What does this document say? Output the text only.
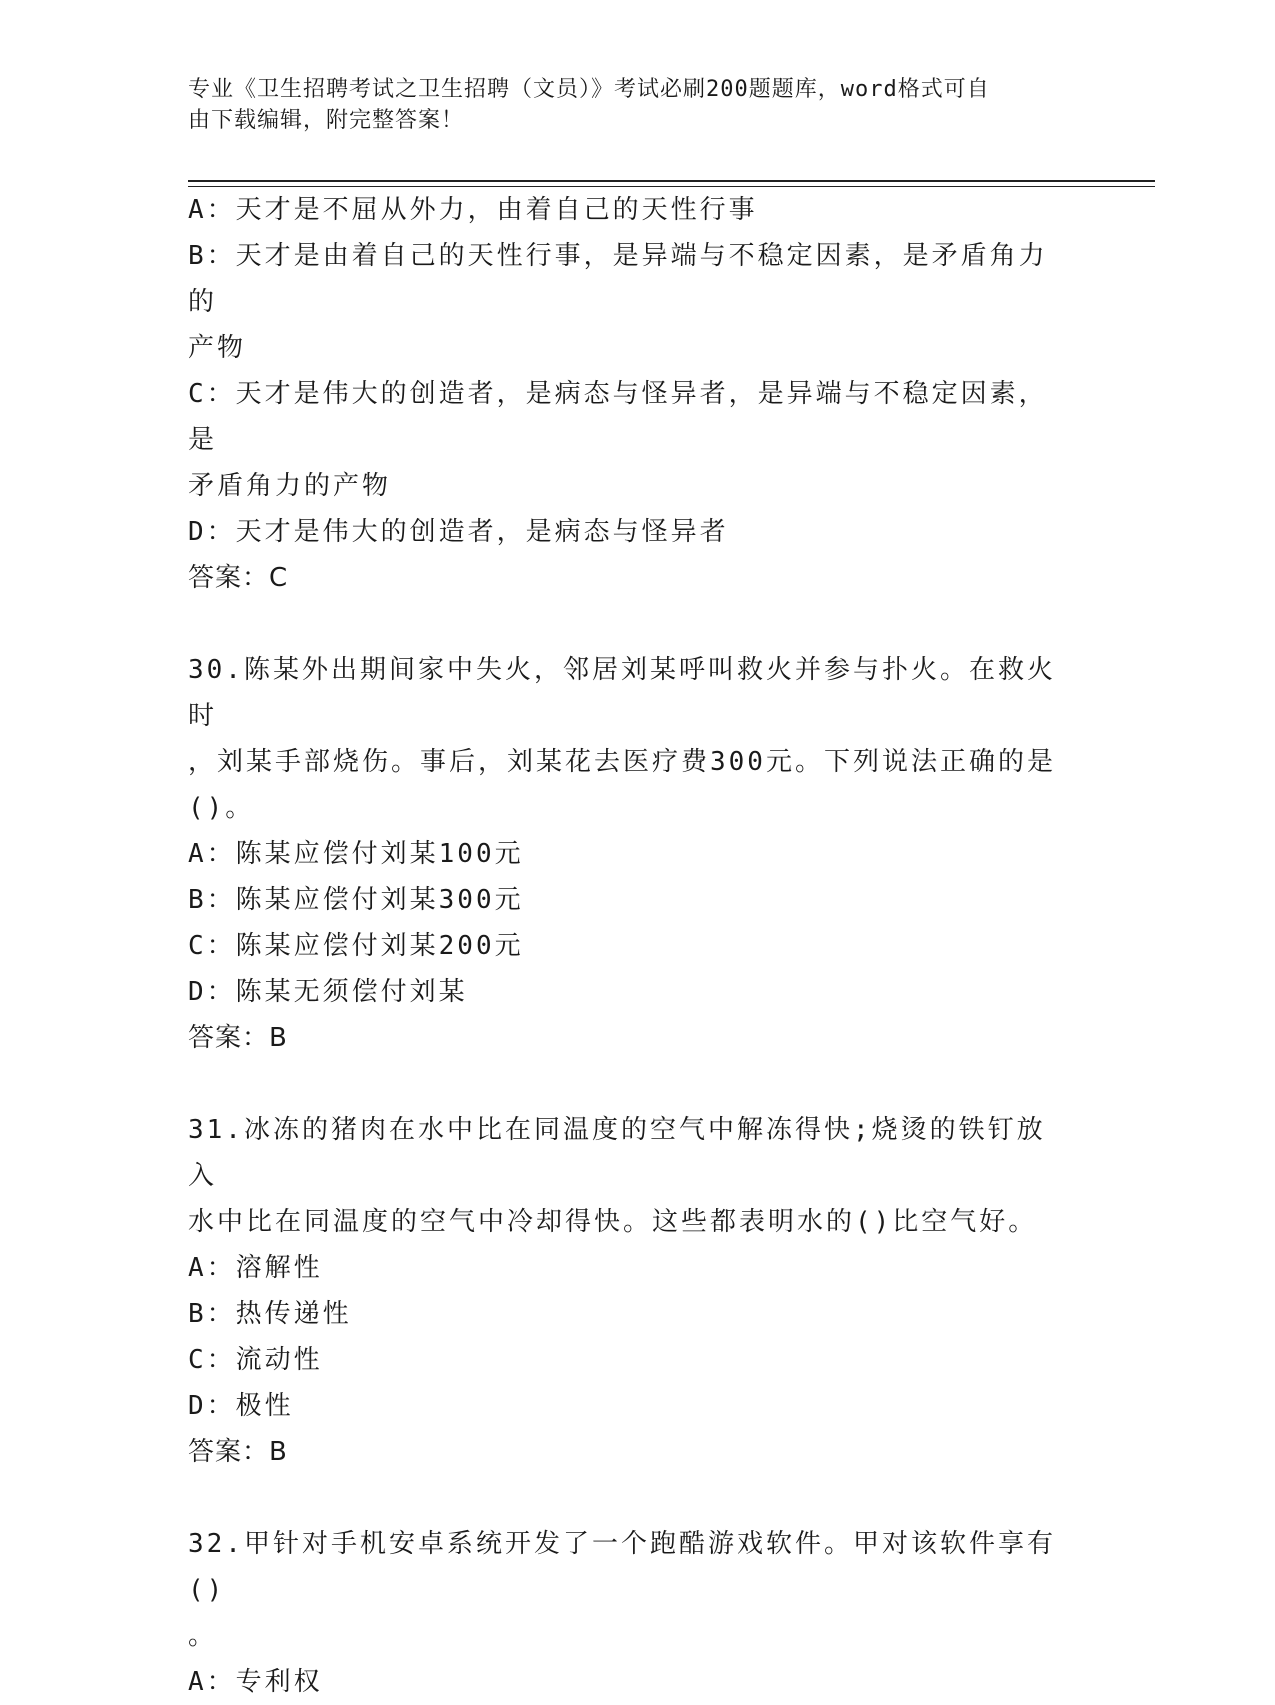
专业《卫生招聘考试之卫生招聘（文员）》考试必刷200题题库，word格式可自
由下载编辑，附完整答案！
A：天才是不屈从外力，由着自己的天性行事
B：天才是由着自己的天性行事，是异端与不稳定因素，是矛盾角力的
产物
C：天才是伟大的创造者，是病态与怪异者，是异端与不稳定因素，是
矛盾角力的产物
D：天才是伟大的创造者，是病态与怪异者
答案：C
30.陈某外出期间家中失火，邻居刘某呼叫救火并参与扑火。在救火时
，刘某手部烧伤。事后，刘某花去医疗费300元。下列说法正确的是
()。
A：陈某应偿付刘某100元
B：陈某应偿付刘某300元
C：陈某应偿付刘某200元
D：陈某无须偿付刘某
答案：B
31.冰冻的猪肉在水中比在同温度的空气中解冻得快;烧烫的铁钉放入
水中比在同温度的空气中冷却得快。这些都表明水的()比空气好。
A：溶解性
B：热传递性
C：流动性
D：极性
答案：B
32.甲针对手机安卓系统开发了一个跑酷游戏软件。甲对该软件享有()
。
A：专利权
